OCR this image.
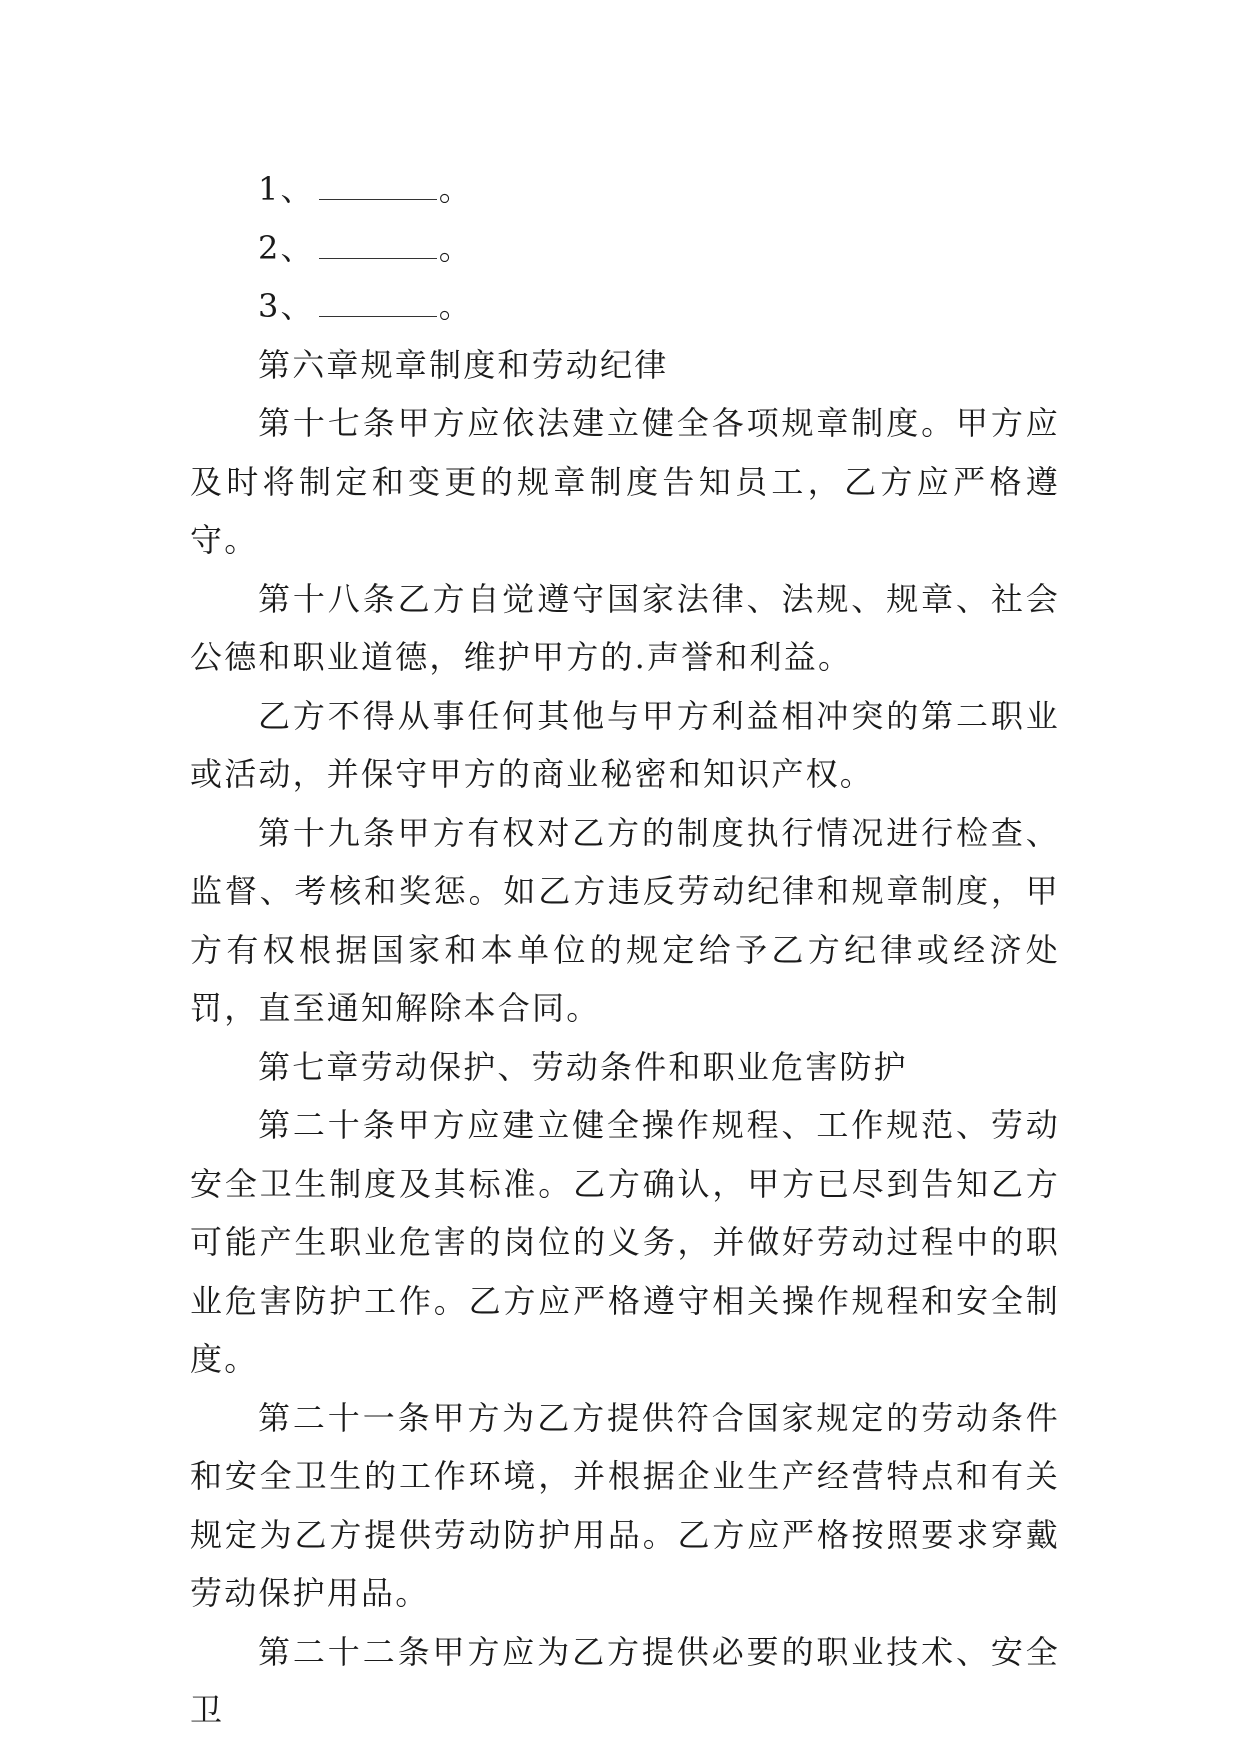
1、	。

2、	。

3、	。

第六章规章制度和劳动纪律

第十七条甲方应依法建立健全各项规章制度。甲方应及时将制定和变更的规章制度告知员工，乙方应严格遵守。

第十八条乙方自觉遵守国家法律、法规、规章、社会公德和职业道德，维护甲方的.声誉和利益。

乙方不得从事任何其他与甲方利益相冲突的第二职业或活动，并保守甲方的商业秘密和知识产权。

第十九条甲方有权对乙方的制度执行情况进行检查、监督、考核和奖惩。如乙方违反劳动纪律和规章制度，甲方有权根据国家和本单位的规定给予乙方纪律或经济处罚，直至通知解除本合同。

第七章劳动保护、劳动条件和职业危害防护

第二十条甲方应建立健全操作规程、工作规范、劳动安全卫生制度及其标准。乙方确认，甲方已尽到告知乙方可能产生职业危害的岗位的义务，并做好劳动过程中的职业危害防护工作。乙方应严格遵守相关操作规程和安全制度。

第二十一条甲方为乙方提供符合国家规定的劳动条件和安全卫生的工作环境，并根据企业生产经营特点和有关规定为乙方提供劳动防护用品。乙方应严格按照要求穿戴劳动保护用品。

第二十二条甲方应为乙方提供必要的职业技术、安全卫
